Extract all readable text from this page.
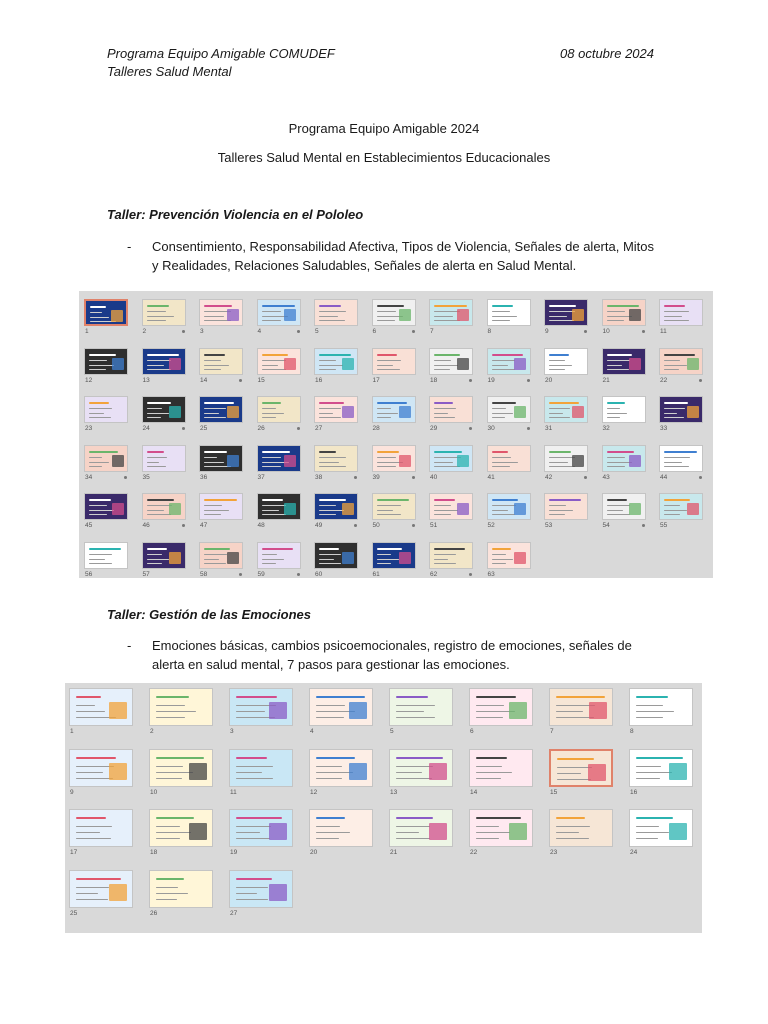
Programa Equipo Amigable COMUDEF
Talleres Salud Mental
08 octubre 2024
Programa Equipo Amigable 2024
Talleres Salud Mental en Establecimientos Educacionales
Taller: Prevención Violencia en el Pololeo
- Consentimiento, Responsabilidad Afectiva, Tipos de Violencia, Señales de alerta, Mitos y Realidades, Relaciones Saludables, Señales de alerta en Salud Mental.
1	2	3	4	5	6	7	8	9	10	11
12	13	14	15	16	17	18	19	20	21	22
23	24	25	26	27	28	29	30	31	32	33
34	35	36	37	38	39	40	41	42	43	44
45	46	47	48	49	50	51	52	53	54	55
56	57	58	59	60	61	62	63
Taller: Gestión de las Emociones
- Emociones básicas, cambios psicoemocionales, registro de emociones, señales de alerta en salud mental, 7 pasos para gestionar las emociones.
1	2	3	4	5	6	7	8
9	10	11	12	13	14	15	16
17	18	19	20	21	22	23	24
25	26	27
